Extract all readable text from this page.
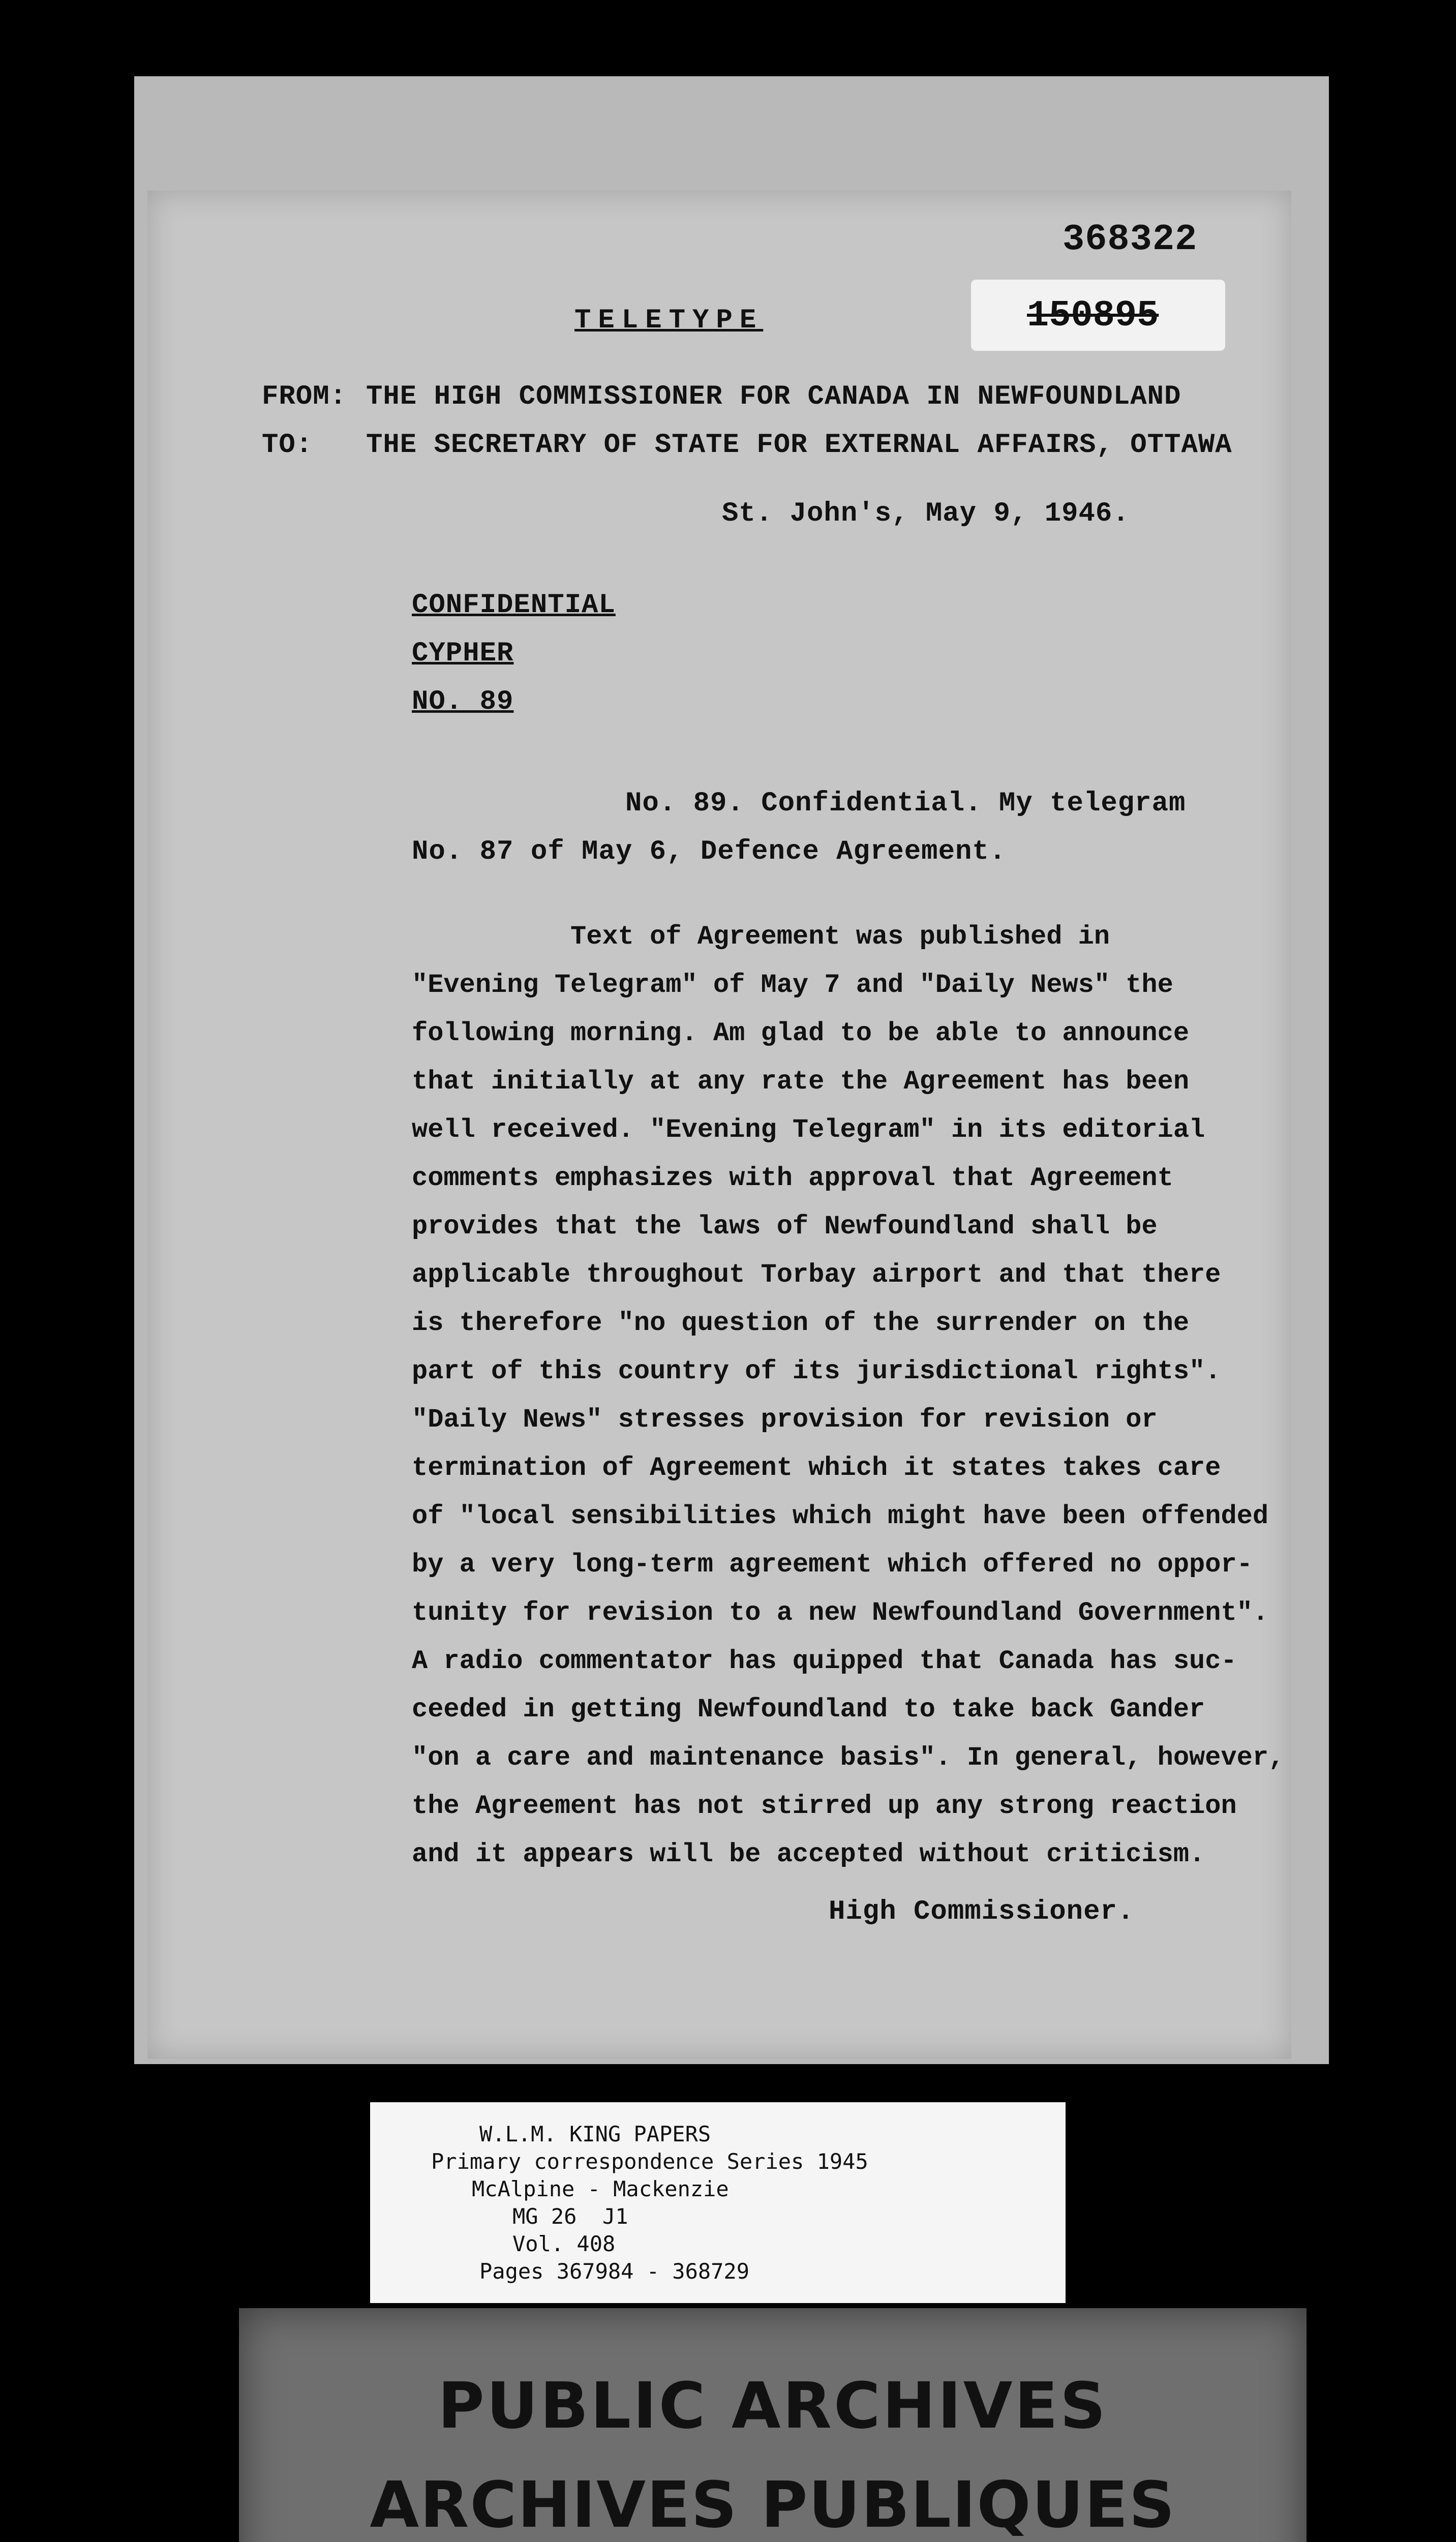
368322
150895
TELETYPE
FROM: THE HIGH COMMISSIONER FOR CANADA IN NEWFOUNDLAND
TO: THE SECRETARY OF STATE FOR EXTERNAL AFFAIRS, OTTAWA
St. John's, May 9, 1946.
CONFIDENTIAL
CYPHER
NO. 89
No. 89. Confidential. My telegram
No. 87 of May 6, Defence Agreement.
Text of Agreement was published in
"Evening Telegram" of May 7 and "Daily News" the
following morning. Am glad to be able to announce
that initially at any rate the Agreement has been
well received. "Evening Telegram" in its editorial
comments emphasizes with approval that Agreement
provides that the laws of Newfoundland shall be
applicable throughout Torbay airport and that there
is therefore "no question of the surrender on the
part of this country of its jurisdictional rights".
"Daily News" stresses provision for revision or
termination of Agreement which it states takes care
of "local sensibilities which might have been offended
by a very long-term agreement which offered no oppor-
tunity for revision to a new Newfoundland Government".
A radio commentator has quipped that Canada has suc-
ceeded in getting Newfoundland to take back Gander
"on a care and maintenance basis". In general, however,
the Agreement has not stirred up any strong reaction
and it appears will be accepted without criticism.
High Commissioner.
W.L.M. KING PAPERS
Primary correspondence Series 1945
McAlpine - Mackenzie
MG 26  J1
Vol. 408
Pages 367984 - 368729
PUBLIC ARCHIVES
ARCHIVES PUBLIQUES
